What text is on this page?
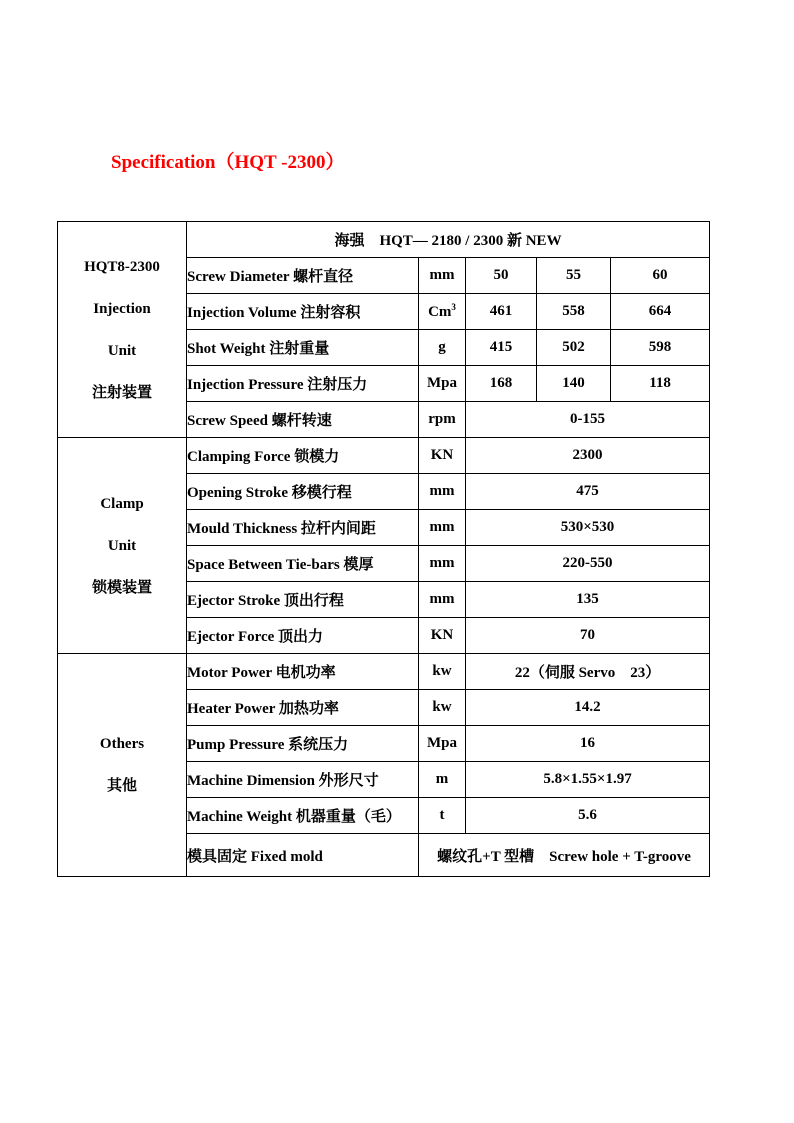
Specification（HQT -2300）
HQT8-2300
Injection
Unit
注射装置	海强　HQT— 2180 / 2300 新 NEW				
	Screw Diameter 螺杆直径	mm	50	55	60
	Injection Volume 注射容积	Cm$^3$	461	558	664
	Shot Weight 注射重量	g	415	502	598
	Injection Pressure 注射压力	Mpa	168	140	118
	Screw Speed 螺杆转速	rpm	0-155		

Clamp
Unit
锁模装置	Clamping Force 锁模力	KN	2300		
	Opening Stroke 移模行程	mm	475		
	Mould Thickness 拉杆内间距	mm	530×530		
	Space Between Tie-bars 模厚	mm	220-550		
	Ejector Stroke 顶出行程	mm	135		
	Ejector Force 顶出力	KN	70		

Others
其他	Motor Power 电机功率	kw	22（伺服 Servo　23）		
	Heater Power 加热功率	kw	14.2		
	Pump Pressure 系统压力	Mpa	16		
	Machine Dimension 外形尺寸	m	5.8×1.55×1.97		
	Machine Weight 机器重量（毛）	t	5.6		
	模具固定 Fixed mold	螺纹孔+T 型槽　Screw hole + T-groove			
